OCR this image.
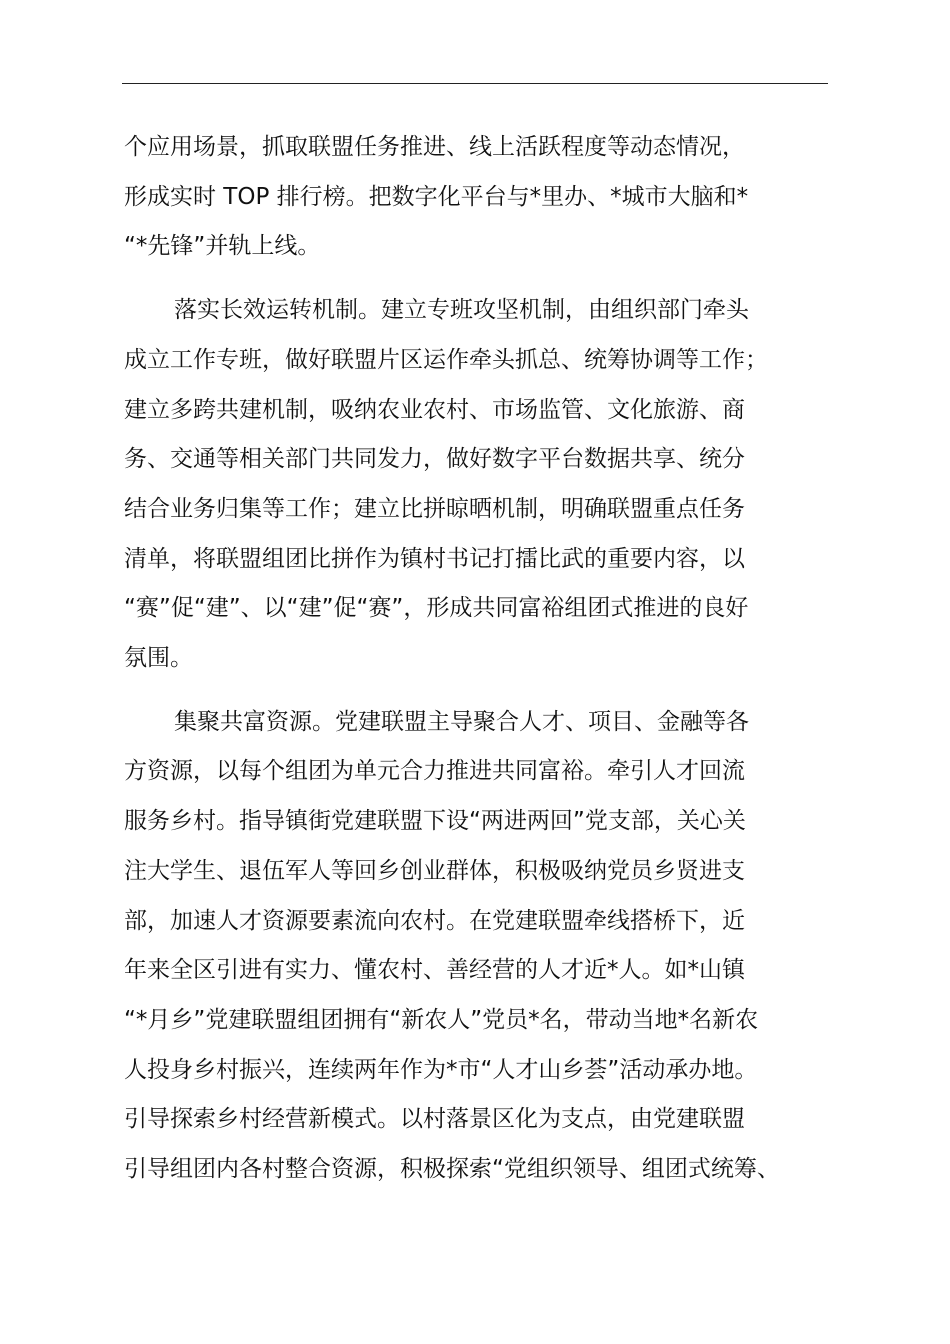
个应用场景，抓取联盟任务推进、线上活跃程度等动态情况，
形成实时 TOP 排行榜。把数字化平台与*里办、*城市大脑和*
“*先锋”并轨上线。
落实长效运转机制。建立专班攻坚机制，由组织部门牵头
成立工作专班，做好联盟片区运作牵头抓总、统筹协调等工作；
建立多跨共建机制，吸纳农业农村、市场监管、文化旅游、商
务、交通等相关部门共同发力，做好数字平台数据共享、统分
结合业务归集等工作；建立比拼晾晒机制，明确联盟重点任务
清单，将联盟组团比拼作为镇村书记打擂比武的重要内容，以
“赛”促“建”、以“建”促“赛”，形成共同富裕组团式推进的良好
氛围。
集聚共富资源。党建联盟主导聚合人才、项目、金融等各
方资源，以每个组团为单元合力推进共同富裕。牵引人才回流
服务乡村。指导镇街党建联盟下设“两进两回”党支部，关心关
注大学生、退伍军人等回乡创业群体，积极吸纳党员乡贤进支
部，加速人才资源要素流向农村。在党建联盟牵线搭桥下，近
年来全区引进有实力、懂农村、善经营的人才近*人。如*山镇
“*月乡”党建联盟组团拥有“新农人”党员*名，带动当地*名新农
人投身乡村振兴，连续两年作为*市“人才山乡荟”活动承办地。
引导探索乡村经营新模式。以村落景区化为支点，由党建联盟
引导组团内各村整合资源，积极探索“党组织领导、组团式统筹、
